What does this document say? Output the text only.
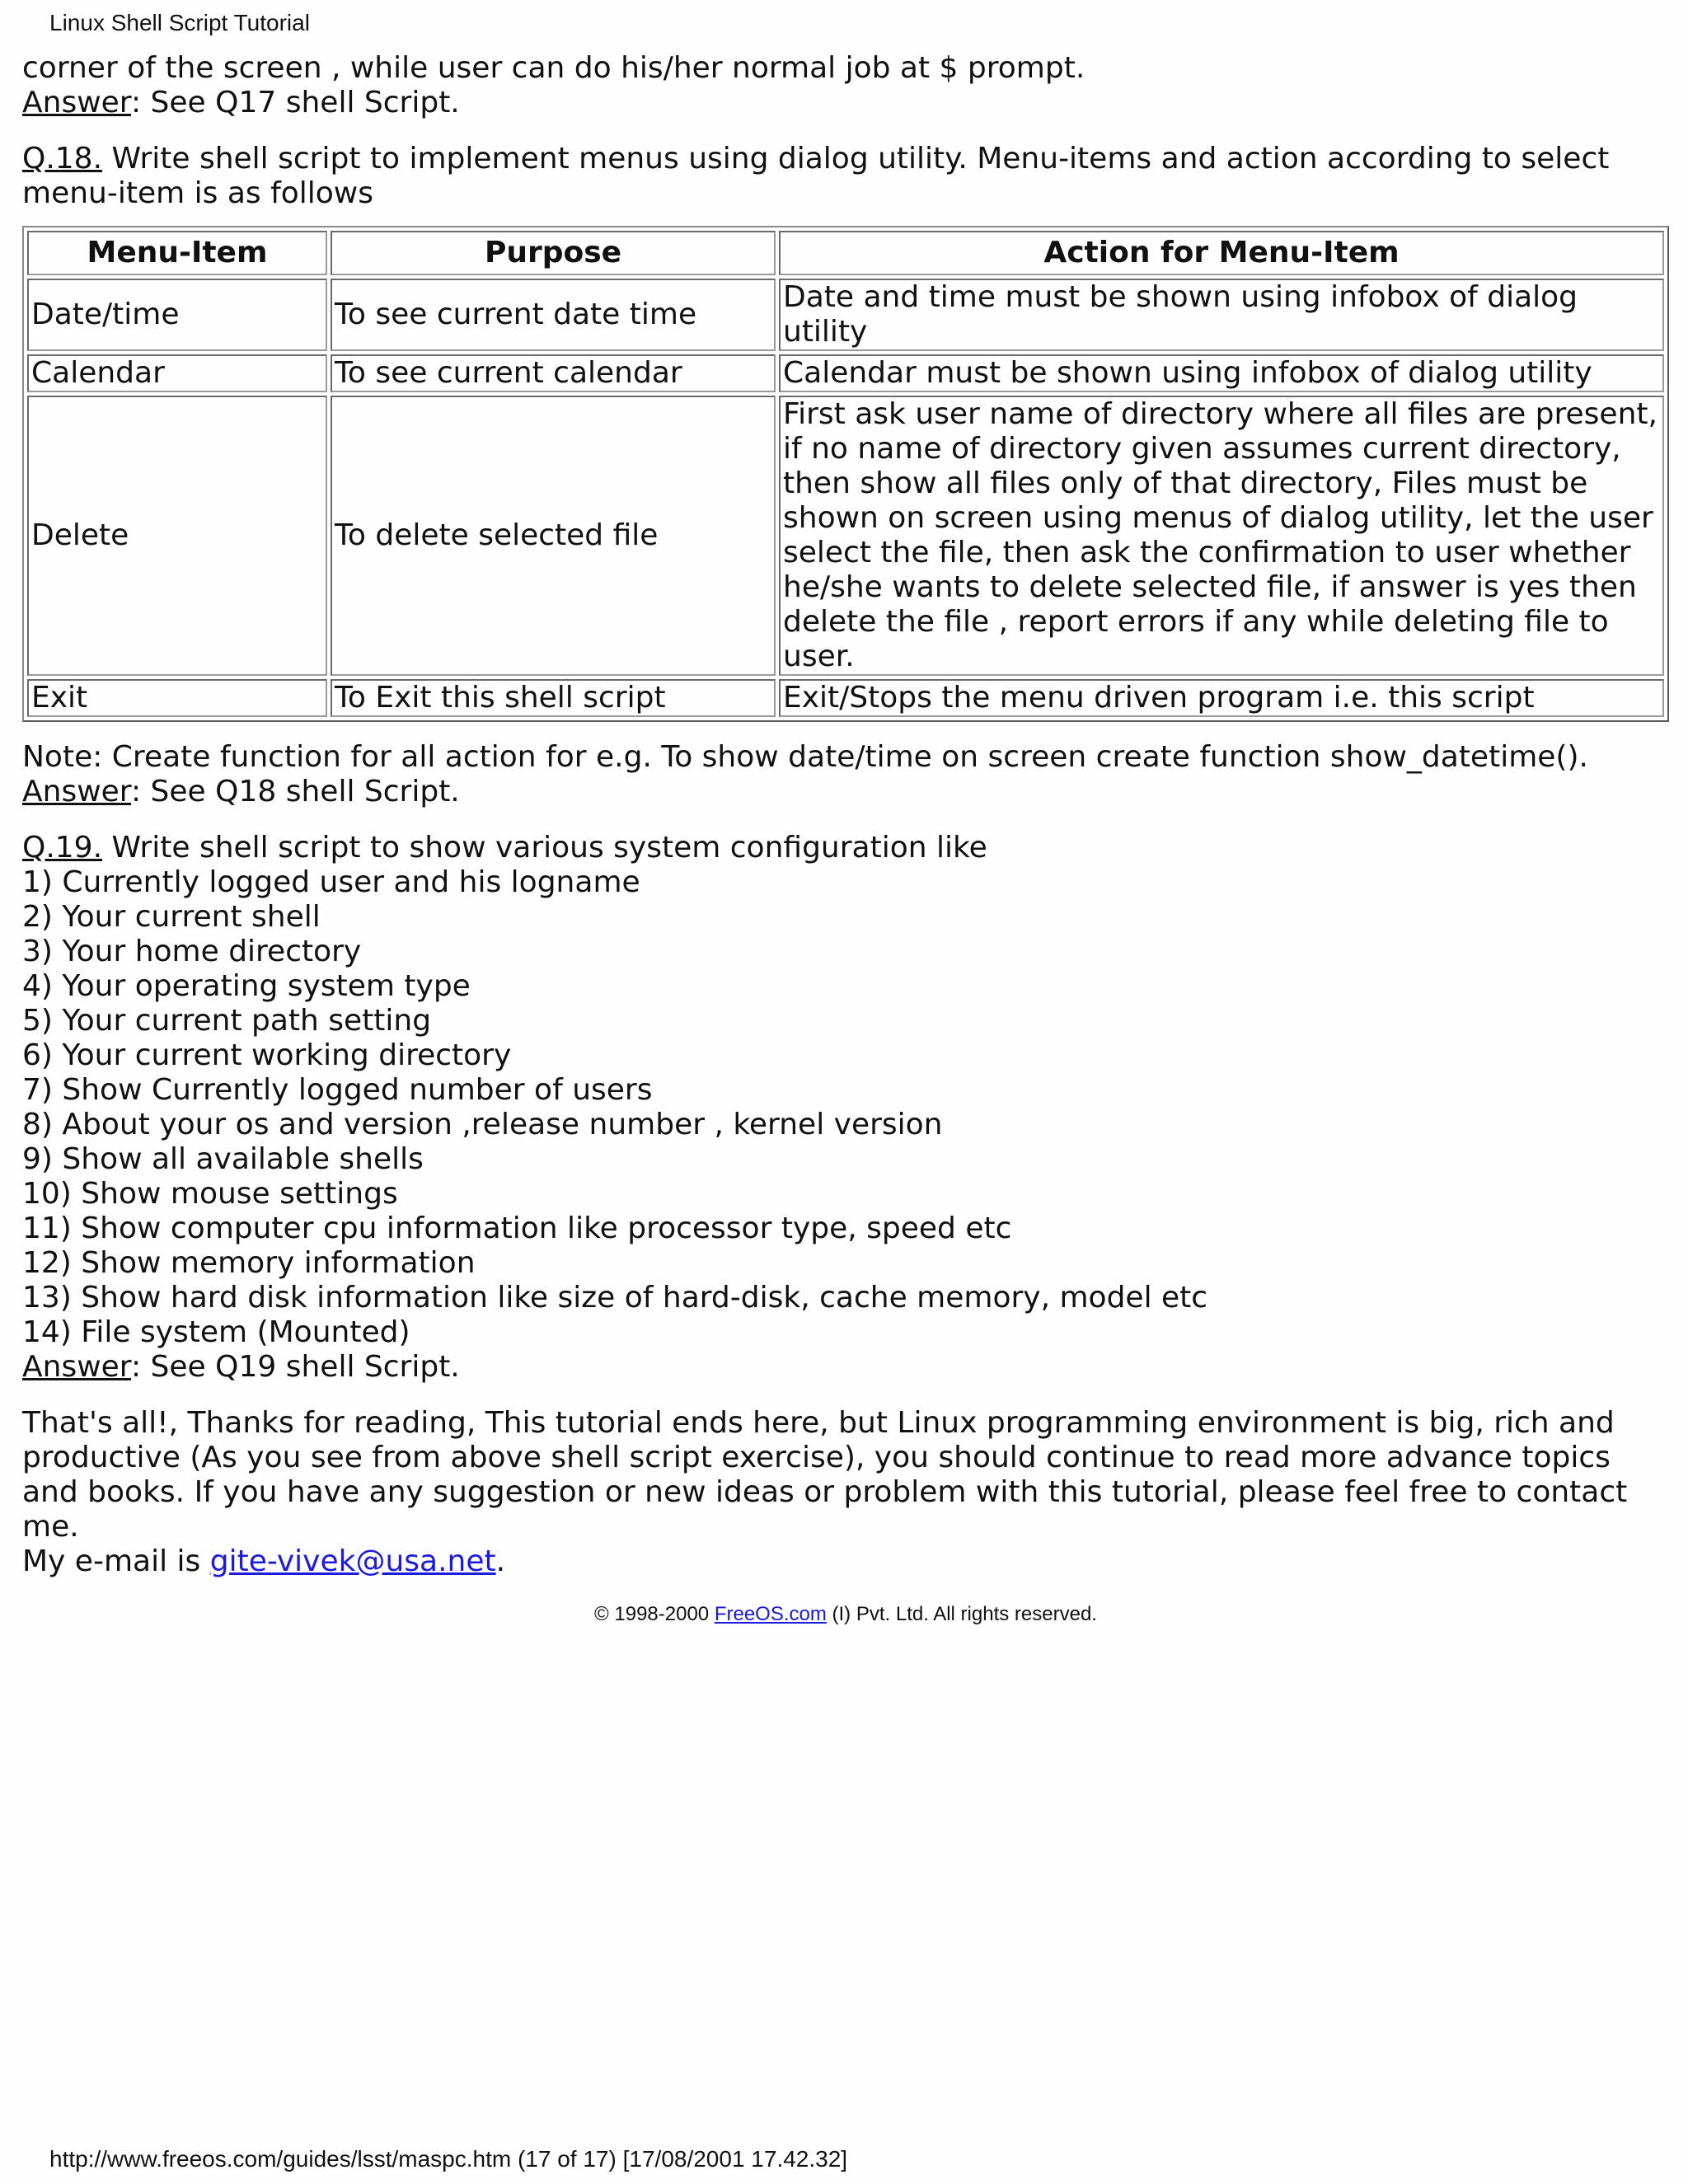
Linux Shell Script Tutorial

corner of the screen , while user can do his/her normal job at $ prompt.

Answer: See Q17 shell Script.

Q.18. Write shell script to implement menus using dialog utility. Menu-items and action according to select menu-item is as follows

Menu-Item	Purpose	Action for Menu-Item
Date/time	To see current date time	Date and time must be shown using infobox of dialog utility
Calendar	To see current calendar	Calendar must be shown using infobox of dialog utility
Delete	To delete selected file	First ask user name of directory where all files are present, if no name of directory given assumes current directory, then show all files only of that directory, Files must be shown on screen using menus of dialog utility, let the user select the file, then ask the confirmation to user whether he/she wants to delete selected file, if answer is yes then delete the file , report errors if any while deleting file to user.
Exit	To Exit this shell script	Exit/Stops the menu driven program i.e. this script

Note: Create function for all action for e.g. To show date/time on screen create function show_datetime().

Answer: See Q18 shell Script.

Q.19. Write shell script to show various system configuration like

1) Currently logged user and his logname

2) Your current shell

3) Your home directory

4) Your operating system type

5) Your current path setting

6) Your current working directory

7) Show Currently logged number of users

8) About your os and version ,release number , kernel version

9) Show all available shells

10) Show mouse settings

11) Show computer cpu information like processor type, speed etc

12) Show memory information

13) Show hard disk information like size of hard-disk, cache memory, model etc

14) File system (Mounted)

Answer: See Q19 shell Script.

That's all!, Thanks for reading, This tutorial ends here, but Linux programming environment is big, rich and productive (As you see from above shell script exercise), you should continue to read more advance topics and books. If you have any suggestion or new ideas or problem with this tutorial, please feel free to contact me.

My e-mail is gite-vivek@usa.net.

© 1998-2000 FreeOS.com (I) Pvt. Ltd. All rights reserved.
http://www.freeos.com/guides/lsst/maspc.htm (17 of 17) [17/08/2001 17.42.32]
